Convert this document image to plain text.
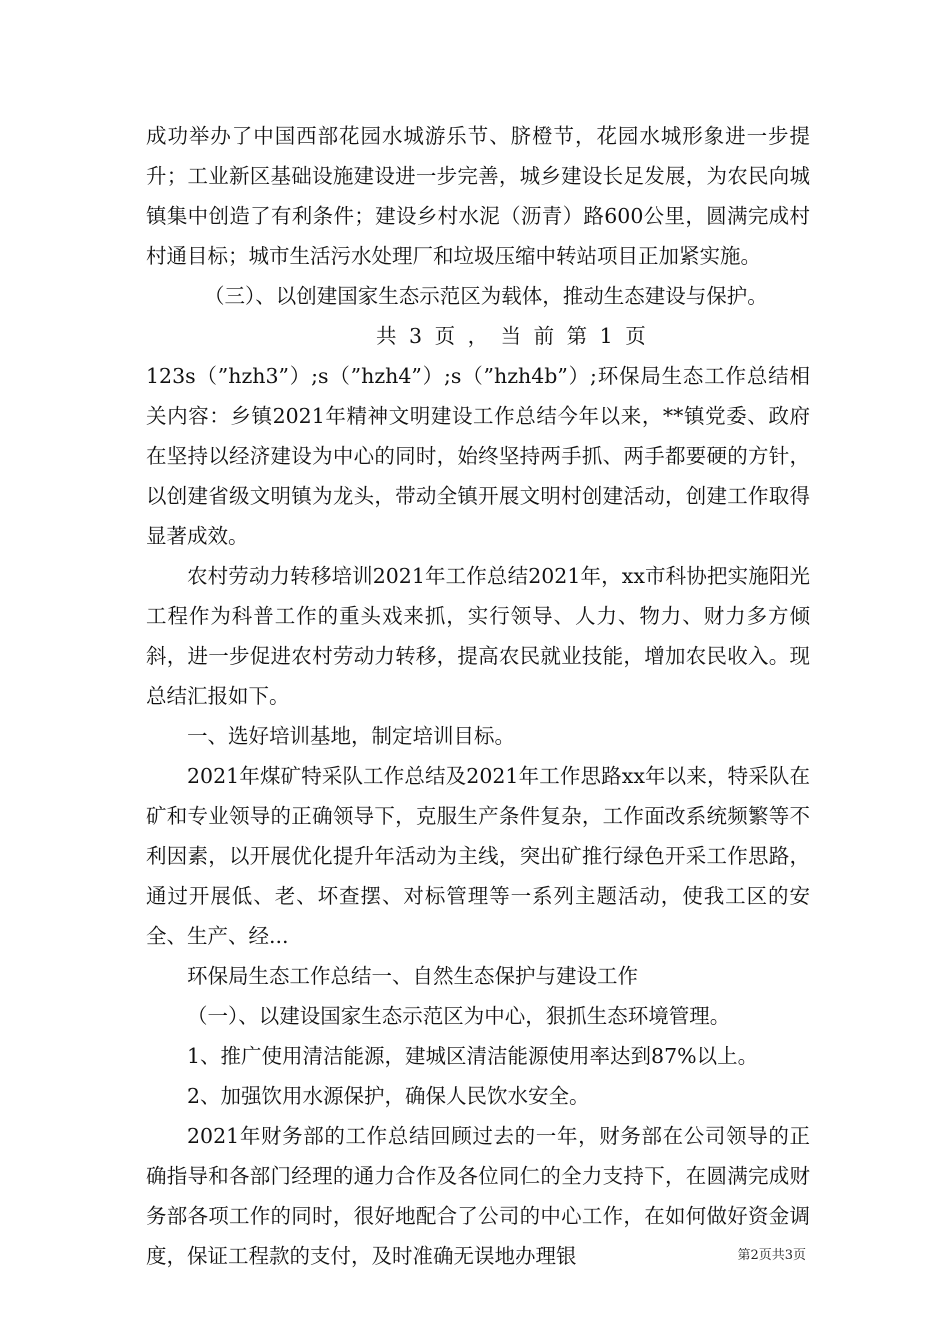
成功举办了中国西部花园水城游乐节、脐橙节，花园水城形象进一步提升；工业新区基础设施建设进一步完善，城乡建设长足发展，为农民向城镇集中创造了有利条件；建设乡村水泥（沥青）路600公里，圆满完成村村通目标；城市生活污水处理厂和垃圾压缩中转站项目正加紧实施。

（三）、以创建国家生态示范区为载体，推动生态建设与保护。

共 3 页 ， 当 前 第 1 页

123s（”hzh3”）;s（”hzh4”）;s（”hzh4b”）;环保局生态工作总结相关内容：乡镇2021年精神文明建设工作总结今年以来，**镇党委、政府在坚持以经济建设为中心的同时，始终坚持两手抓、两手都要硬的方针，以创建省级文明镇为龙头，带动全镇开展文明村创建活动，创建工作取得显著成效。

农村劳动力转移培训2021年工作总结2021年，xx市科协把实施阳光工程作为科普工作的重头戏来抓，实行领导、人力、物力、财力多方倾斜，进一步促进农村劳动力转移，提高农民就业技能，增加农民收入。现总结汇报如下。

一、选好培训基地，制定培训目标。

2021年煤矿特采队工作总结及2021年工作思路xx年以来，特采队在矿和专业领导的正确领导下，克服生产条件复杂，工作面改系统频繁等不利因素，以开展优化提升年活动为主线，突出矿推行绿色开采工作思路，通过开展低、老、坏查摆、对标管理等一系列主题活动，使我工区的安全、生产、经...

环保局生态工作总结一、自然生态保护与建设工作

（一）、以建设国家生态示范区为中心，狠抓生态环境管理。

1、推广使用清洁能源，建城区清洁能源使用率达到87%以上。

2、加强饮用水源保护，确保人民饮水安全。

2021年财务部的工作总结回顾过去的一年，财务部在公司领导的正确指导和各部门经理的通力合作及各位同仁的全力支持下，在圆满完成财务部各项工作的同时，很好地配合了公司的中心工作，在如何做好资金调度，保证工程款的支付，及时准确无误地办理银	第2页共3页
